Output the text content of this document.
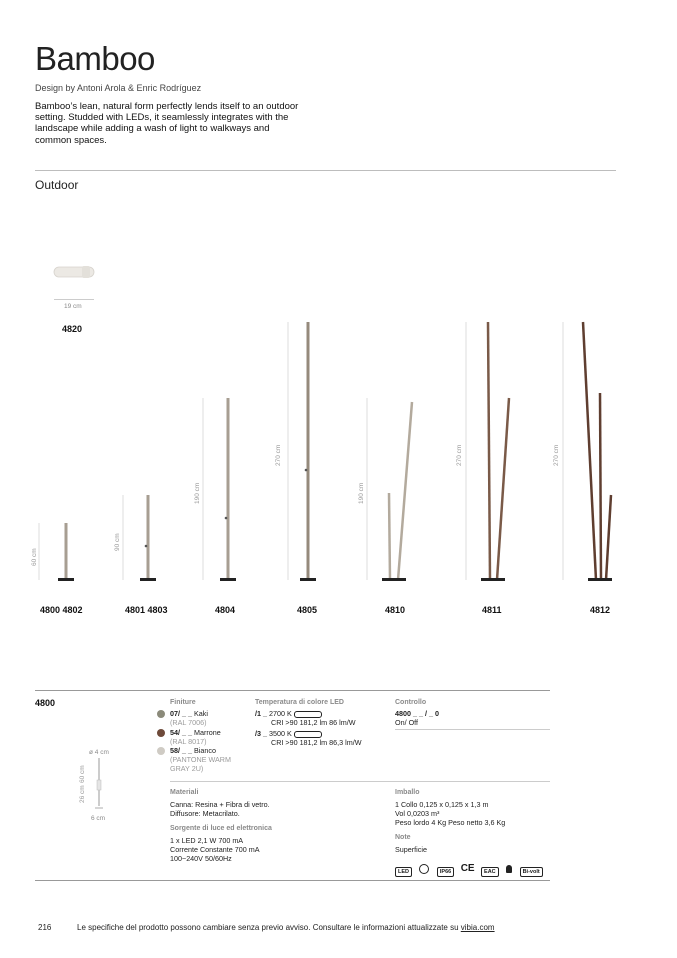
Bamboo
Design by Antoni Arola & Enric Rodríguez
Bamboo’s lean, natural form perfectly lends itself to an outdoor setting. Studded with LEDs, it seamlessly integrates with the landscape while adding a wash of light to walkways and common spaces.
Outdoor
19 cm
4820
60 cm
90 cm
190 cm
270 cm
190 cm
270 cm	270 cm
4800 4802	4801 4803	4804	4805	4810	4811	4812
4800
ø 4 cm
26 cm
60 cm
6 cm
Finiture
07/ _ _ Kaki
(RAL 7006)
54/ _ _ Marrone
(RAL 8017)
58/ _ _ Bianco
(PANTONE WARM GRAY 2U)
Temperatura di colore LED
/1 _ 2700 K
CRI >90 181,2 lm 86 lm/W
/3 _ 3500 K
CRI >90 181,2 lm 86,3 lm/W
Controllo
4800 _ _ / _ 0
On/ Off
Materiali
Canna: Resina + Fibra di vetro.
Diffusore: Metacrilato.
Sorgente di luce ed elettronica
1 x LED 2,1 W 700 mA
Corrente Constante 700 mA
100~240V 50/60Hz
Imballo
1 Collo 0,125 x 0,125 x 1,3 m
Vol 0,0203 m³
Peso lordo 4 Kg Peso netto 3,6 Kg
Note
Superficie
LED	IP66 CE EAC	Bi-volt
216	Le specifiche del prodotto possono cambiare senza previo avviso. Consultare le informazioni attualizzate su vibia.com
